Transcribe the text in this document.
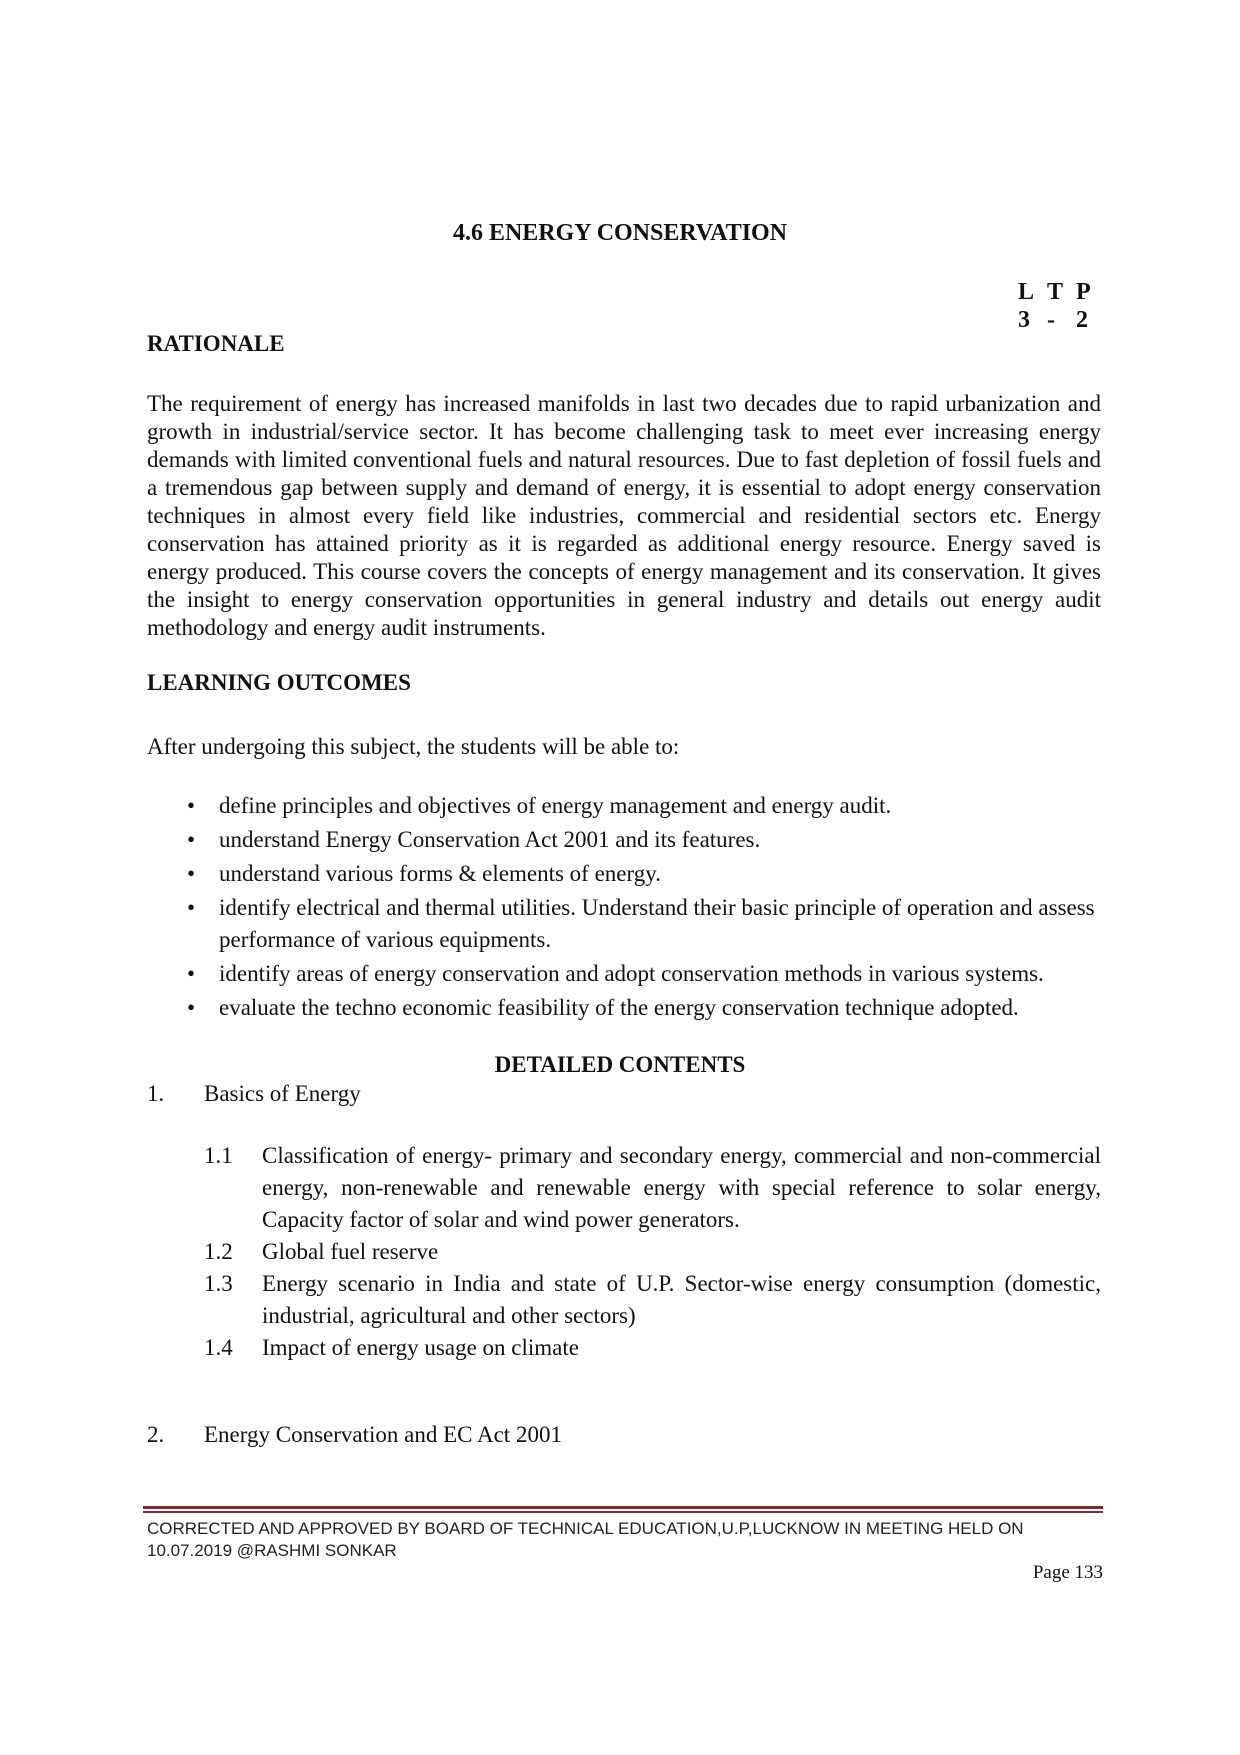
4.6 ENERGY CONSERVATION
L T P
3 - 2
RATIONALE

The requirement of energy has increased manifolds in last two decades due to rapid urbanization and growth in industrial/service sector. It has become challenging task to meet ever increasing energy demands with limited conventional fuels and natural resources. Due to fast depletion of fossil fuels and a tremendous gap between supply and demand of energy, it is essential to adopt energy conservation techniques in almost every field like industries, commercial and residential sectors etc. Energy conservation has attained priority as it is regarded as additional energy resource. Energy saved is energy produced. This course covers the concepts of energy management and its conservation. It gives the insight to energy conservation opportunities in general industry and details out energy audit methodology and energy audit instruments.

LEARNING OUTCOMES
After undergoing this subject, the students will be able to:
• define principles and objectives of energy management and energy audit.
• understand Energy Conservation Act 2001 and its features.
• understand various forms & elements of energy.
• identify electrical and thermal utilities. Understand their basic principle of operation and assess performance of various equipments.
• identify areas of energy conservation and adopt conservation methods in various systems.
• evaluate the techno economic feasibility of the energy conservation technique adopted.
DETAILED CONTENTS
1. Basics of Energy
1.1 Classification of energy- primary and secondary energy, commercial and non-commercial energy, non-renewable and renewable energy with special reference to solar energy, Capacity factor of solar and wind power generators.
1.2 Global fuel reserve
1.3 Energy scenario in India and state of U.P. Sector-wise energy consumption (domestic, industrial, agricultural and other sectors)
1.4 Impact of energy usage on climate
2. Energy Conservation and EC Act 2001
CORRECTED AND APPROVED BY BOARD OF TECHNICAL EDUCATION,U.P,LUCKNOW IN MEETING HELD ON
10.07.2019 @RASHMI SONKAR
Page 133
